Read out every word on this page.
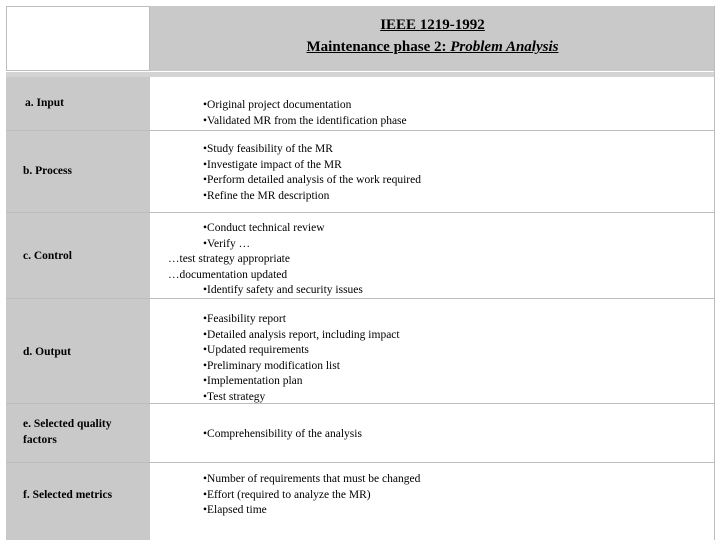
IEEE 1219-1992
Maintenance phase 2: Problem Analysis
a. Input
b. Process
c. Control
d. Output
e. Selected quality factors
f. Selected metrics
•Original project documentation
•Validated MR from the identification phase
•Study feasibility of the MR
•Investigate impact of the MR
•Perform detailed analysis of the work required
•Refine the MR description
•Conduct technical review
•Verify …
…test strategy appropriate
…documentation updated
•Identify safety and security issues
•Feasibility report
•Detailed analysis report, including impact
•Updated requirements
•Preliminary modification list
•Implementation plan
•Test strategy
•Comprehensibility of the analysis
•Number of requirements that must be changed
•Effort (required to analyze the MR)
•Elapsed time
